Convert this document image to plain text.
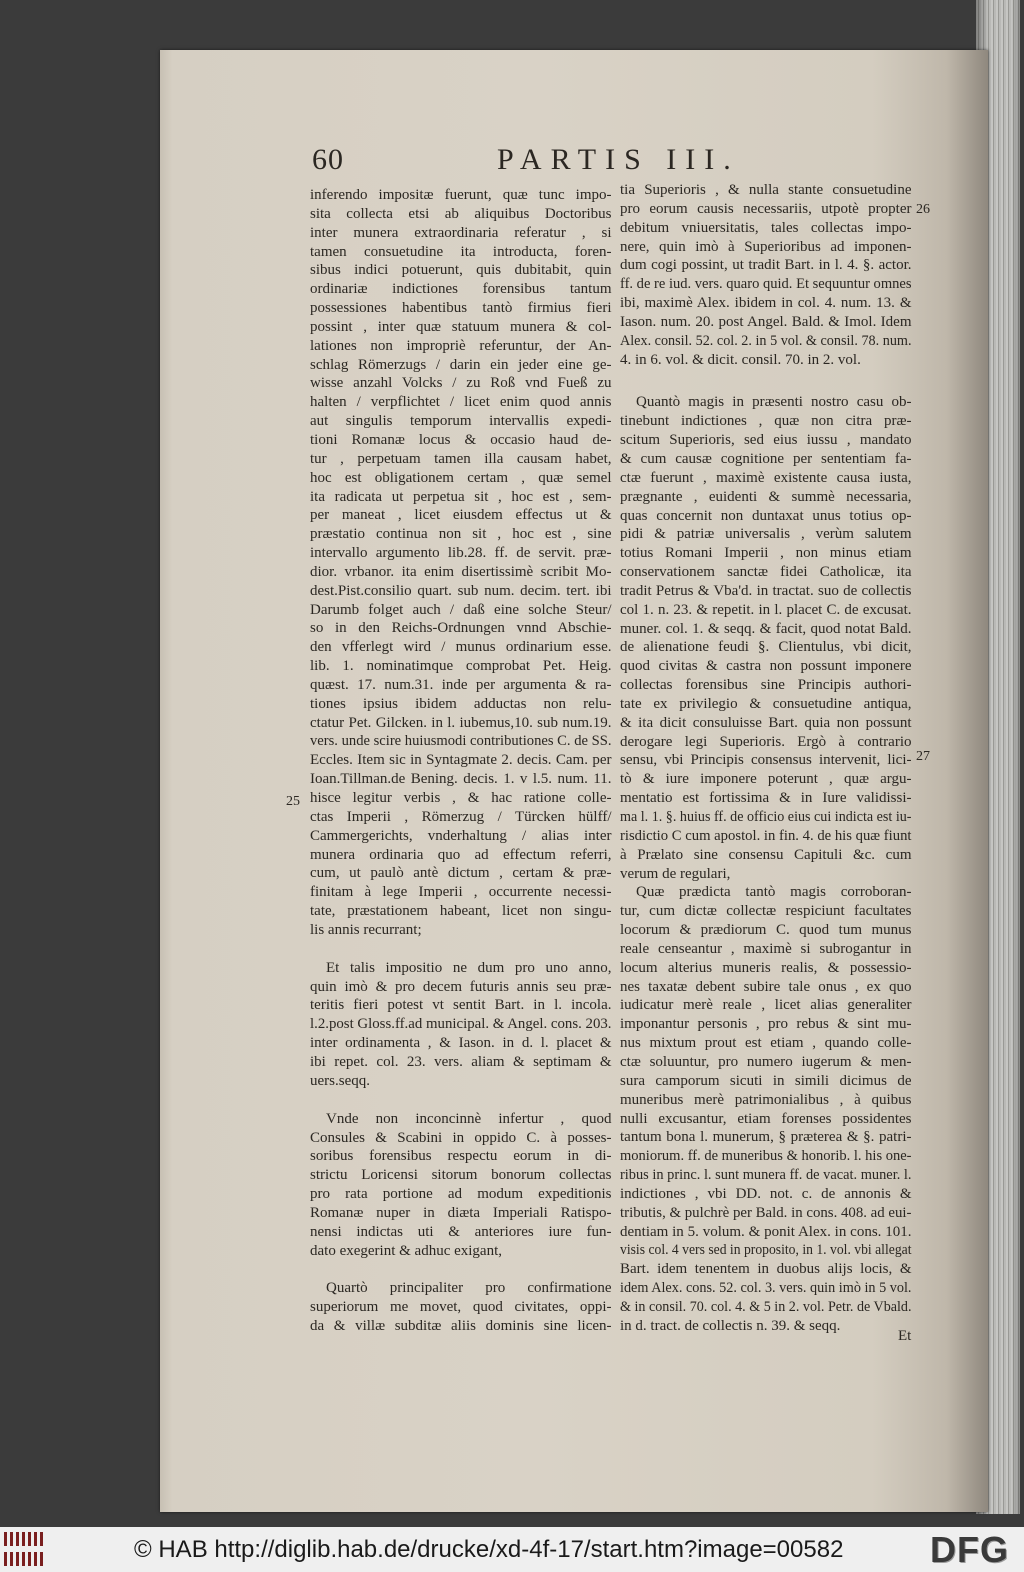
60	PARTIS III.
inferendo impositæ fuerunt, quæ tunc impo-
sita collecta etsi ab aliquibus Doctoribus
inter munera extraordinaria referatur , si
tamen consuetudine ita introducta, foren-
sibus indici potuerunt, quis dubitabit, quin
ordinariæ indictiones forensibus tantum
possessiones habentibus tantò firmius fieri
possint , inter quæ statuum munera & col-
lationes non impropriè referuntur, der An-
schlag Römerzugs / darin ein jeder eine ge-
wisse anzahl Volcks / zu Roß vnd Fueß zu
halten / verpflichtet / licet enim quod annis
aut singulis temporum intervallis expedi-
tioni Romanæ locus & occasio haud de-
tur , perpetuam tamen illa causam habet,
hoc est obligationem certam , quæ semel
ita radicata ut perpetua sit , hoc est , sem-
per maneat , licet eiusdem effectus ut &
præstatio continua non sit , hoc est , sine
intervallo argumento lib.28. ff. de servit. præ-
dior. vrbanor. ita enim disertissimè scribit Mo-
dest.Pist.consilio quart. sub num. decim. tert. ibi
Darumb folget auch / daß eine solche Steur/
so in den Reichs-Ordnungen vnnd Abschie-
den vfferlegt wird / munus ordinarium esse.
lib. 1. nominatimque comprobat Pet. Heig.
quæst. 17. num.31. inde per argumenta & ra-
tiones ipsius ibidem adductas non relu-
ctatur Pet. Gilcken. in l. iubemus,10. sub num.19.
vers. unde scire huiusmodi contributiones C. de SS.
Eccles. Item sic in Syntagmate 2. decis. Cam. per
Ioan.Tillman.de Bening. decis. 1. v l.5. num. 11.
hisce legitur verbis , & hac ratione colle-
ctas Imperii , Römerzug / Türcken hülff/
Cammergerichts, vnderhaltung / alias inter
munera ordinaria quo ad effectum referri,
cum, ut paulò antè dictum , certam & præ-
finitam à lege Imperii , occurrente necessi-
tate, præstationem habeant, licet non singu-
lis annis recurrant;
Et talis impositio ne dum pro uno anno,
quin imò & pro decem futuris annis seu præ-
teritis fieri potest vt sentit Bart. in l. incola.
l.2.post Gloss.ff.ad municipal. & Angel. cons. 203.
inter ordinamenta , & Iason. in d. l. placet &
ibi repet. col. 23. vers. aliam & septimam &
uers.seqq.
Vnde non inconcinnè infertur , quod
Consules & Scabini in oppido C. à posses-
soribus forensibus respectu eorum in di-
strictu Loricensi sitorum bonorum collectas
pro rata portione ad modum expeditionis
Romanæ nuper in diæta Imperiali Ratispo-
nensi indictas uti & anteriores iure fun-
dato exegerint & adhuc exigant,
Quartò principaliter pro confirmatione
superiorum me movet, quod civitates, oppi-
da & villæ subditæ aliis dominis sine licen-
tia Superioris , & nulla stante consuetudine
pro eorum causis necessariis, utpotè propter
debitum vniuersitatis, tales collectas impo-
nere, quin imò à Superioribus ad imponen-
dum cogi possint, ut tradit Bart. in l. 4. §. actor.
ff. de re iud. vers. quaro quid. Et sequuntur omnes
ibi, maximè Alex. ibidem in col. 4. num. 13. &
Iason. num. 20. post Angel. Bald. & Imol. Idem
Alex. consil. 52. col. 2. in 5 vol. & consil. 78. num.
4. in 6. vol. & dicit. consil. 70. in 2. vol.
Quantò magis in præsenti nostro casu ob-
tinebunt indictiones , quæ non citra præ-
scitum Superioris, sed eius iussu , mandato
& cum causæ cognitione per sententiam fa-
ctæ fuerunt , maximè existente causa iusta,
prægnante , euidenti & summè necessaria,
quas concernit non duntaxat unus totius op-
pidi & patriæ universalis , verùm salutem
totius Romani Imperii , non minus etiam
conservationem sanctæ fidei Catholicæ, ita
tradit Petrus & Vba'd. in tractat. suo de collectis
col 1. n. 23. & repetit. in l. placet C. de excusat.
muner. col. 1. & seqq. & facit, quod notat Bald.
de alienatione feudi §. Clientulus, vbi dicit,
quod civitas & castra non possunt imponere
collectas forensibus sine Principis authori-
tate ex privilegio & consuetudine antiqua,
& ita dicit consuluisse Bart. quia non possunt
derogare legi Superioris. Ergò à contrario
sensu, vbi Principis consensus intervenit, lici-
tò & iure imponere poterunt , quæ argu-
mentatio est fortissima & in Iure validissi-
ma l. 1. §. huius ff. de officio eius cui indicta est iu-
risdictio C cum apostol. in fin. 4. de his quæ fiunt
à Prælato sine consensu Capituli &c. cum
verum de regulari,
Quæ prædicta tantò magis corroboran-
tur, cum dictæ collectæ respiciunt facultates
locorum & prædiorum C. quod tum munus
reale censeantur , maximè si subrogantur in
locum alterius muneris realis, & possessio-
nes taxatæ debent subire tale onus , ex quo
iudicatur merè reale , licet alias generaliter
imponantur personis , pro rebus & sint mu-
nus mixtum prout est etiam , quando colle-
ctæ soluuntur, pro numero iugerum & men-
sura camporum sicuti in simili dicimus de
muneribus merè patrimonialibus , à quibus
nulli excusantur, etiam forenses possidentes
tantum bona l. munerum, § præterea & §. patri-
moniorum. ff. de muneribus & honorib. l. his one-
ribus in princ. l. sunt munera ff. de vacat. muner. l.
indictiones , vbi DD. not. c. de annonis &
tributis, & pulchrè per Bald. in cons. 408. ad eui-
dentiam in 5. volum. & ponit Alex. in cons. 101.
visis col. 4 vers sed in proposito, in 1. vol. vbi allegat
Bart. idem tenentem in duobus alijs locis, &
idem Alex. cons. 52. col. 3. vers. quin imò in 5 vol.
& in consil. 70. col. 4. & 5 in 2. vol. Petr. de Vbald.
in d. tract. de collectis n. 39. & seqq.
26
27
25
Et
© HAB http://diglib.hab.de/drucke/xd-4f-17/start.htm?image=00582 DFG
